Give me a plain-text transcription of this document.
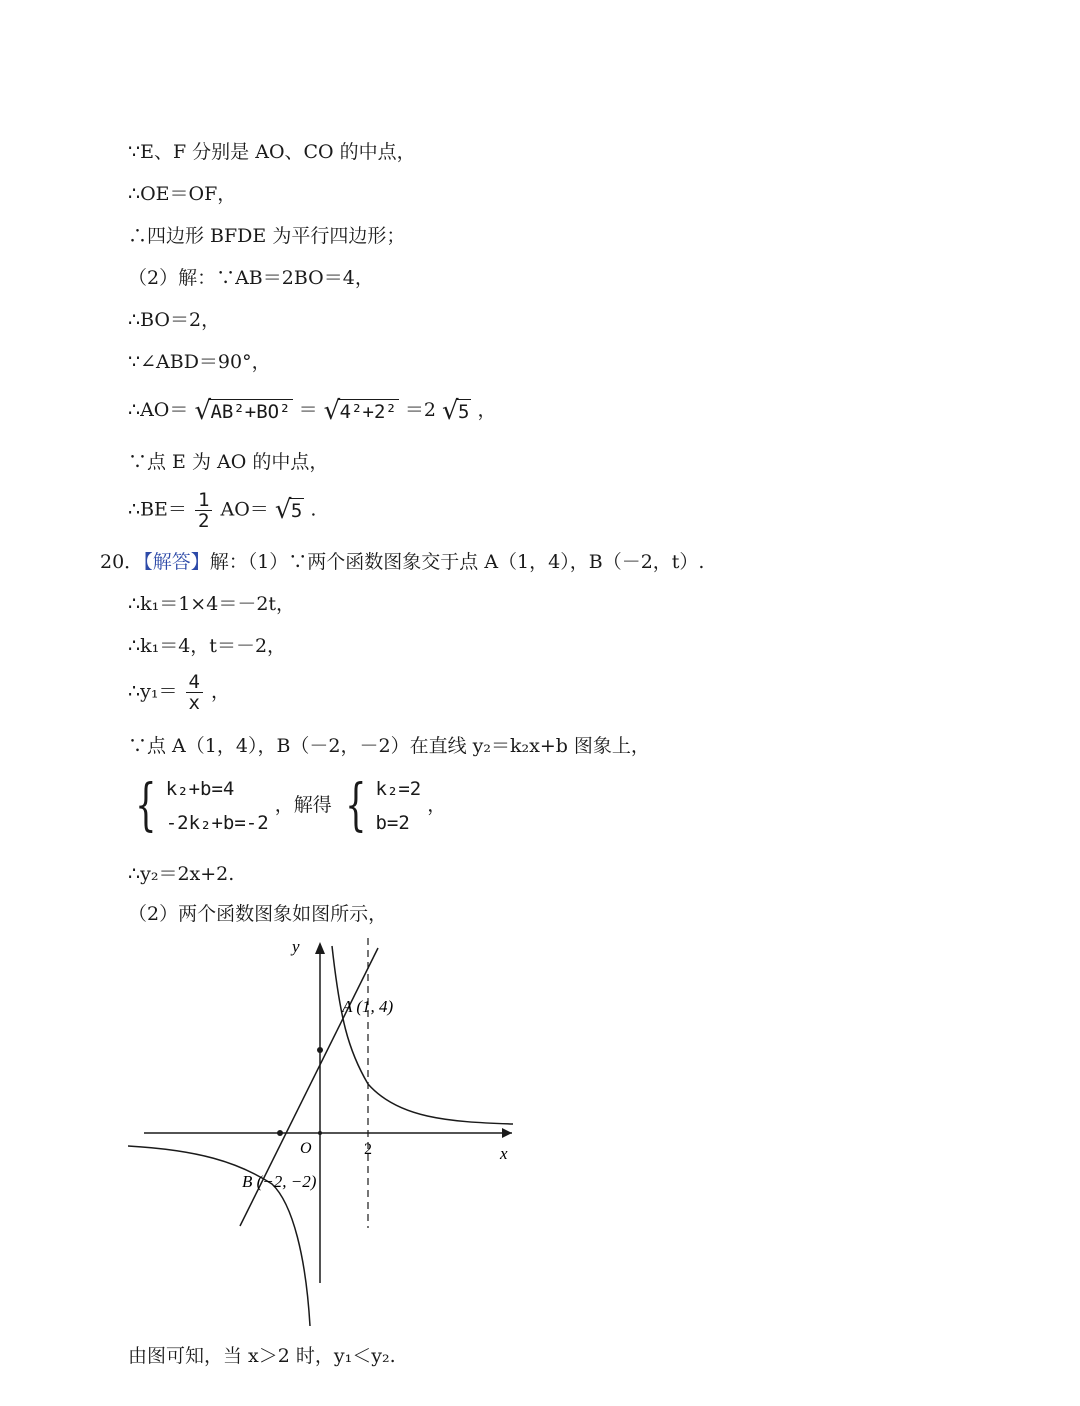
∵E、F 分别是 AO、CO 的中点，
∴OE＝OF，
∴四边形 BFDE 为平行四边形；
（2）解：∵AB＝2BO＝4，
∴BO＝2，
∵∠ABD＝90°，
∴AO＝ √ AB²+BO² ＝ √ 4²+2² ＝2 √ 5 ，
∵点 E 为 AO 的中点，
∴BE＝ $\frac{1}{2} AO=$ √ 5 .
20．【解答】解：（1）∵两个函数图象交于点 A（1，4），B（－2，t）.
∴k₁＝1×4＝－2t，
∴k₁＝4，t＝－2，
∴y₁＝ $\frac{4}{x}$ ，
∵点 A（1，4），B（－2，－2）在直线 y₂＝k₂x+b 图象上，
{ k₂+b=4
-2k₂+b=-2
，解得 { k₂=2
b=2
，
∴y₂＝2x+2.
（2）两个函数图象如图所示，
y
x
O	2
A (1, 4)
B (−2, −2)
由图可知，当 x＞2 时，y₁＜y₂.
